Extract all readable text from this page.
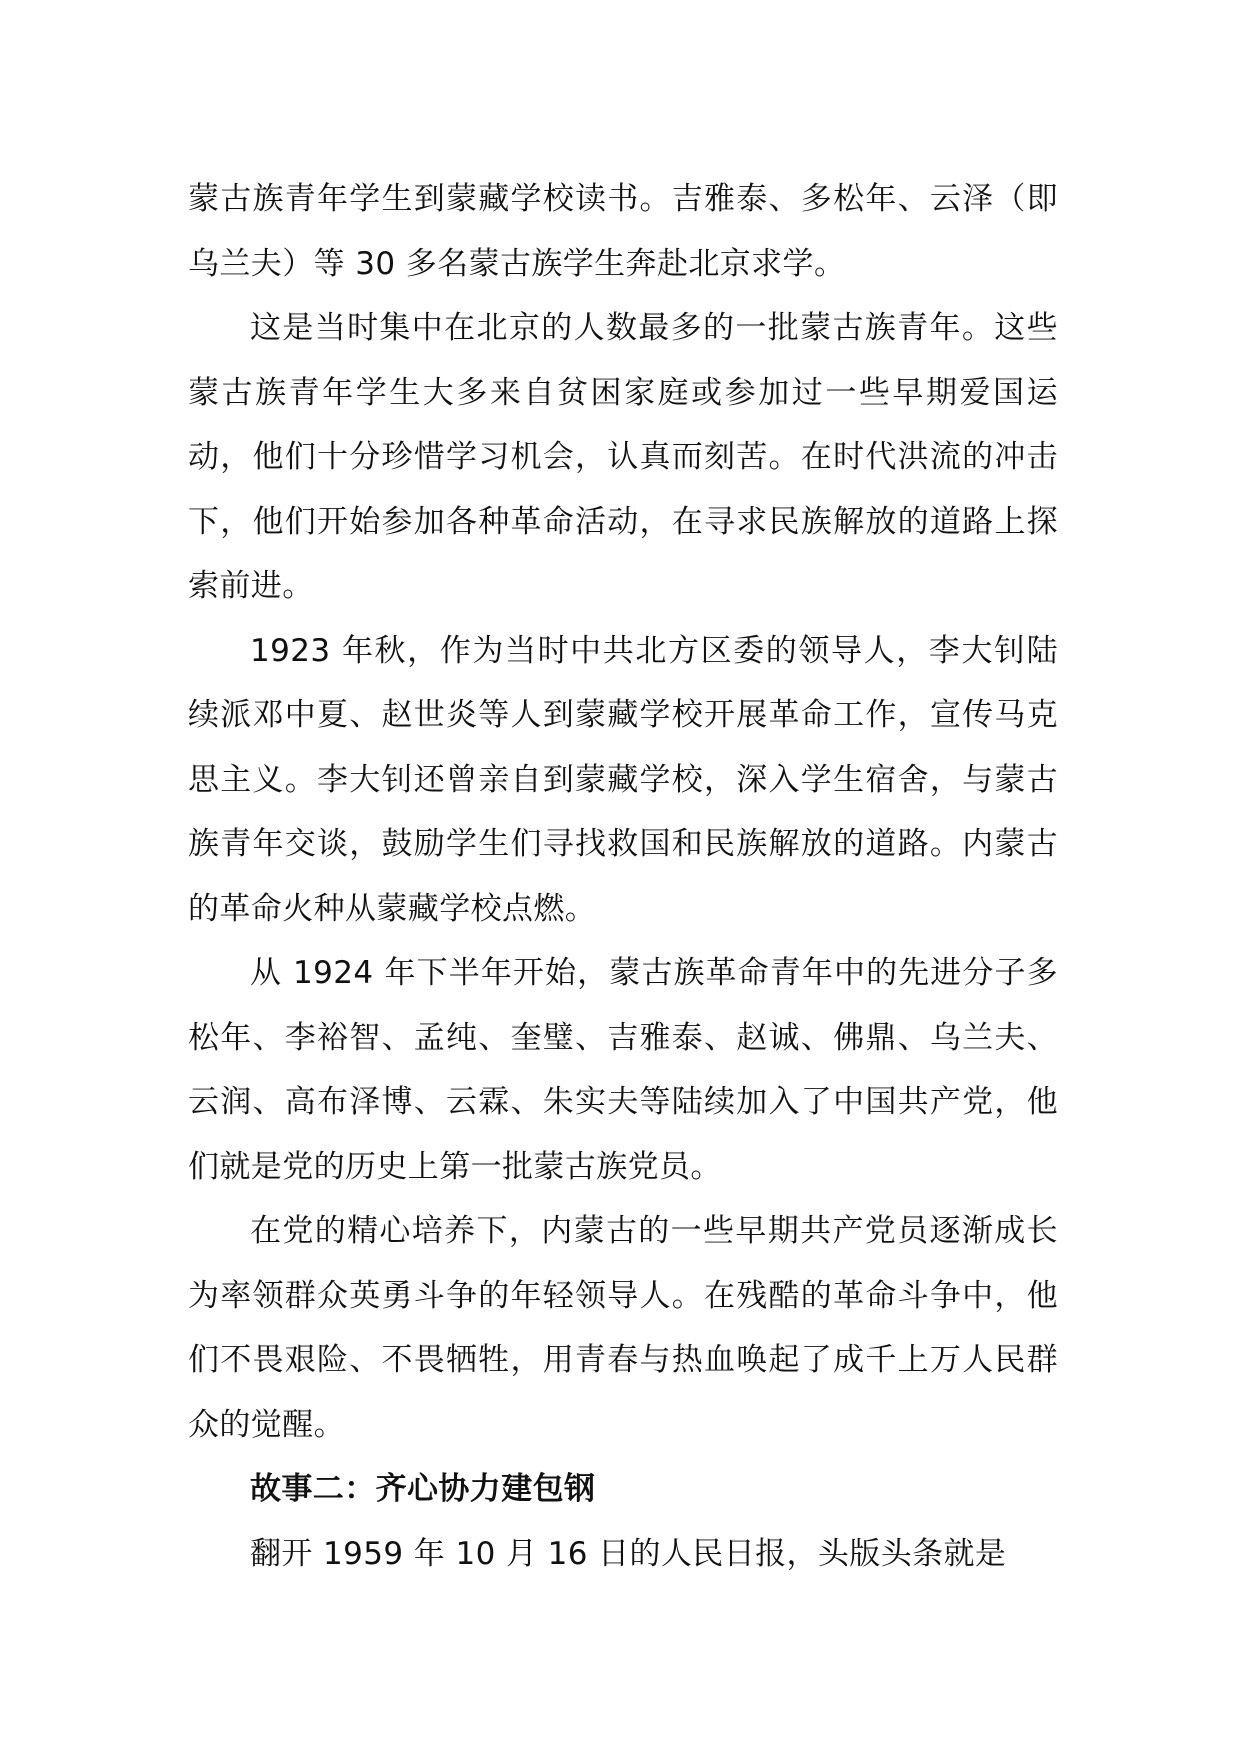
蒙古族青年学生到蒙藏学校读书。吉雅泰、多松年、云泽（即乌兰夫）等 30 多名蒙古族学生奔赴北京求学。

这是当时集中在北京的人数最多的一批蒙古族青年。这些蒙古族青年学生大多来自贫困家庭或参加过一些早期爱国运动，他们十分珍惜学习机会，认真而刻苦。在时代洪流的冲击下，他们开始参加各种革命活动，在寻求民族解放的道路上探索前进。

1923 年秋，作为当时中共北方区委的领导人，李大钊陆续派邓中夏、赵世炎等人到蒙藏学校开展革命工作，宣传马克思主义。李大钊还曾亲自到蒙藏学校，深入学生宿舍，与蒙古族青年交谈，鼓励学生们寻找救国和民族解放的道路。内蒙古的革命火种从蒙藏学校点燃。

从 1924 年下半年开始，蒙古族革命青年中的先进分子多松年、李裕智、孟纯、奎璧、吉雅泰、赵诚、佛鼎、乌兰夫、云润、高布泽博、云霖、朱实夫等陆续加入了中国共产党，他们就是党的历史上第一批蒙古族党员。

在党的精心培养下，内蒙古的一些早期共产党员逐渐成长为率领群众英勇斗争的年轻领导人。在残酷的革命斗争中，他们不畏艰险、不畏牺牲，用青春与热血唤起了成千上万人民群众的觉醒。

故事二：齐心协力建包钢

翻开 1959 年 10 月 16 日的人民日报，头版头条就是
